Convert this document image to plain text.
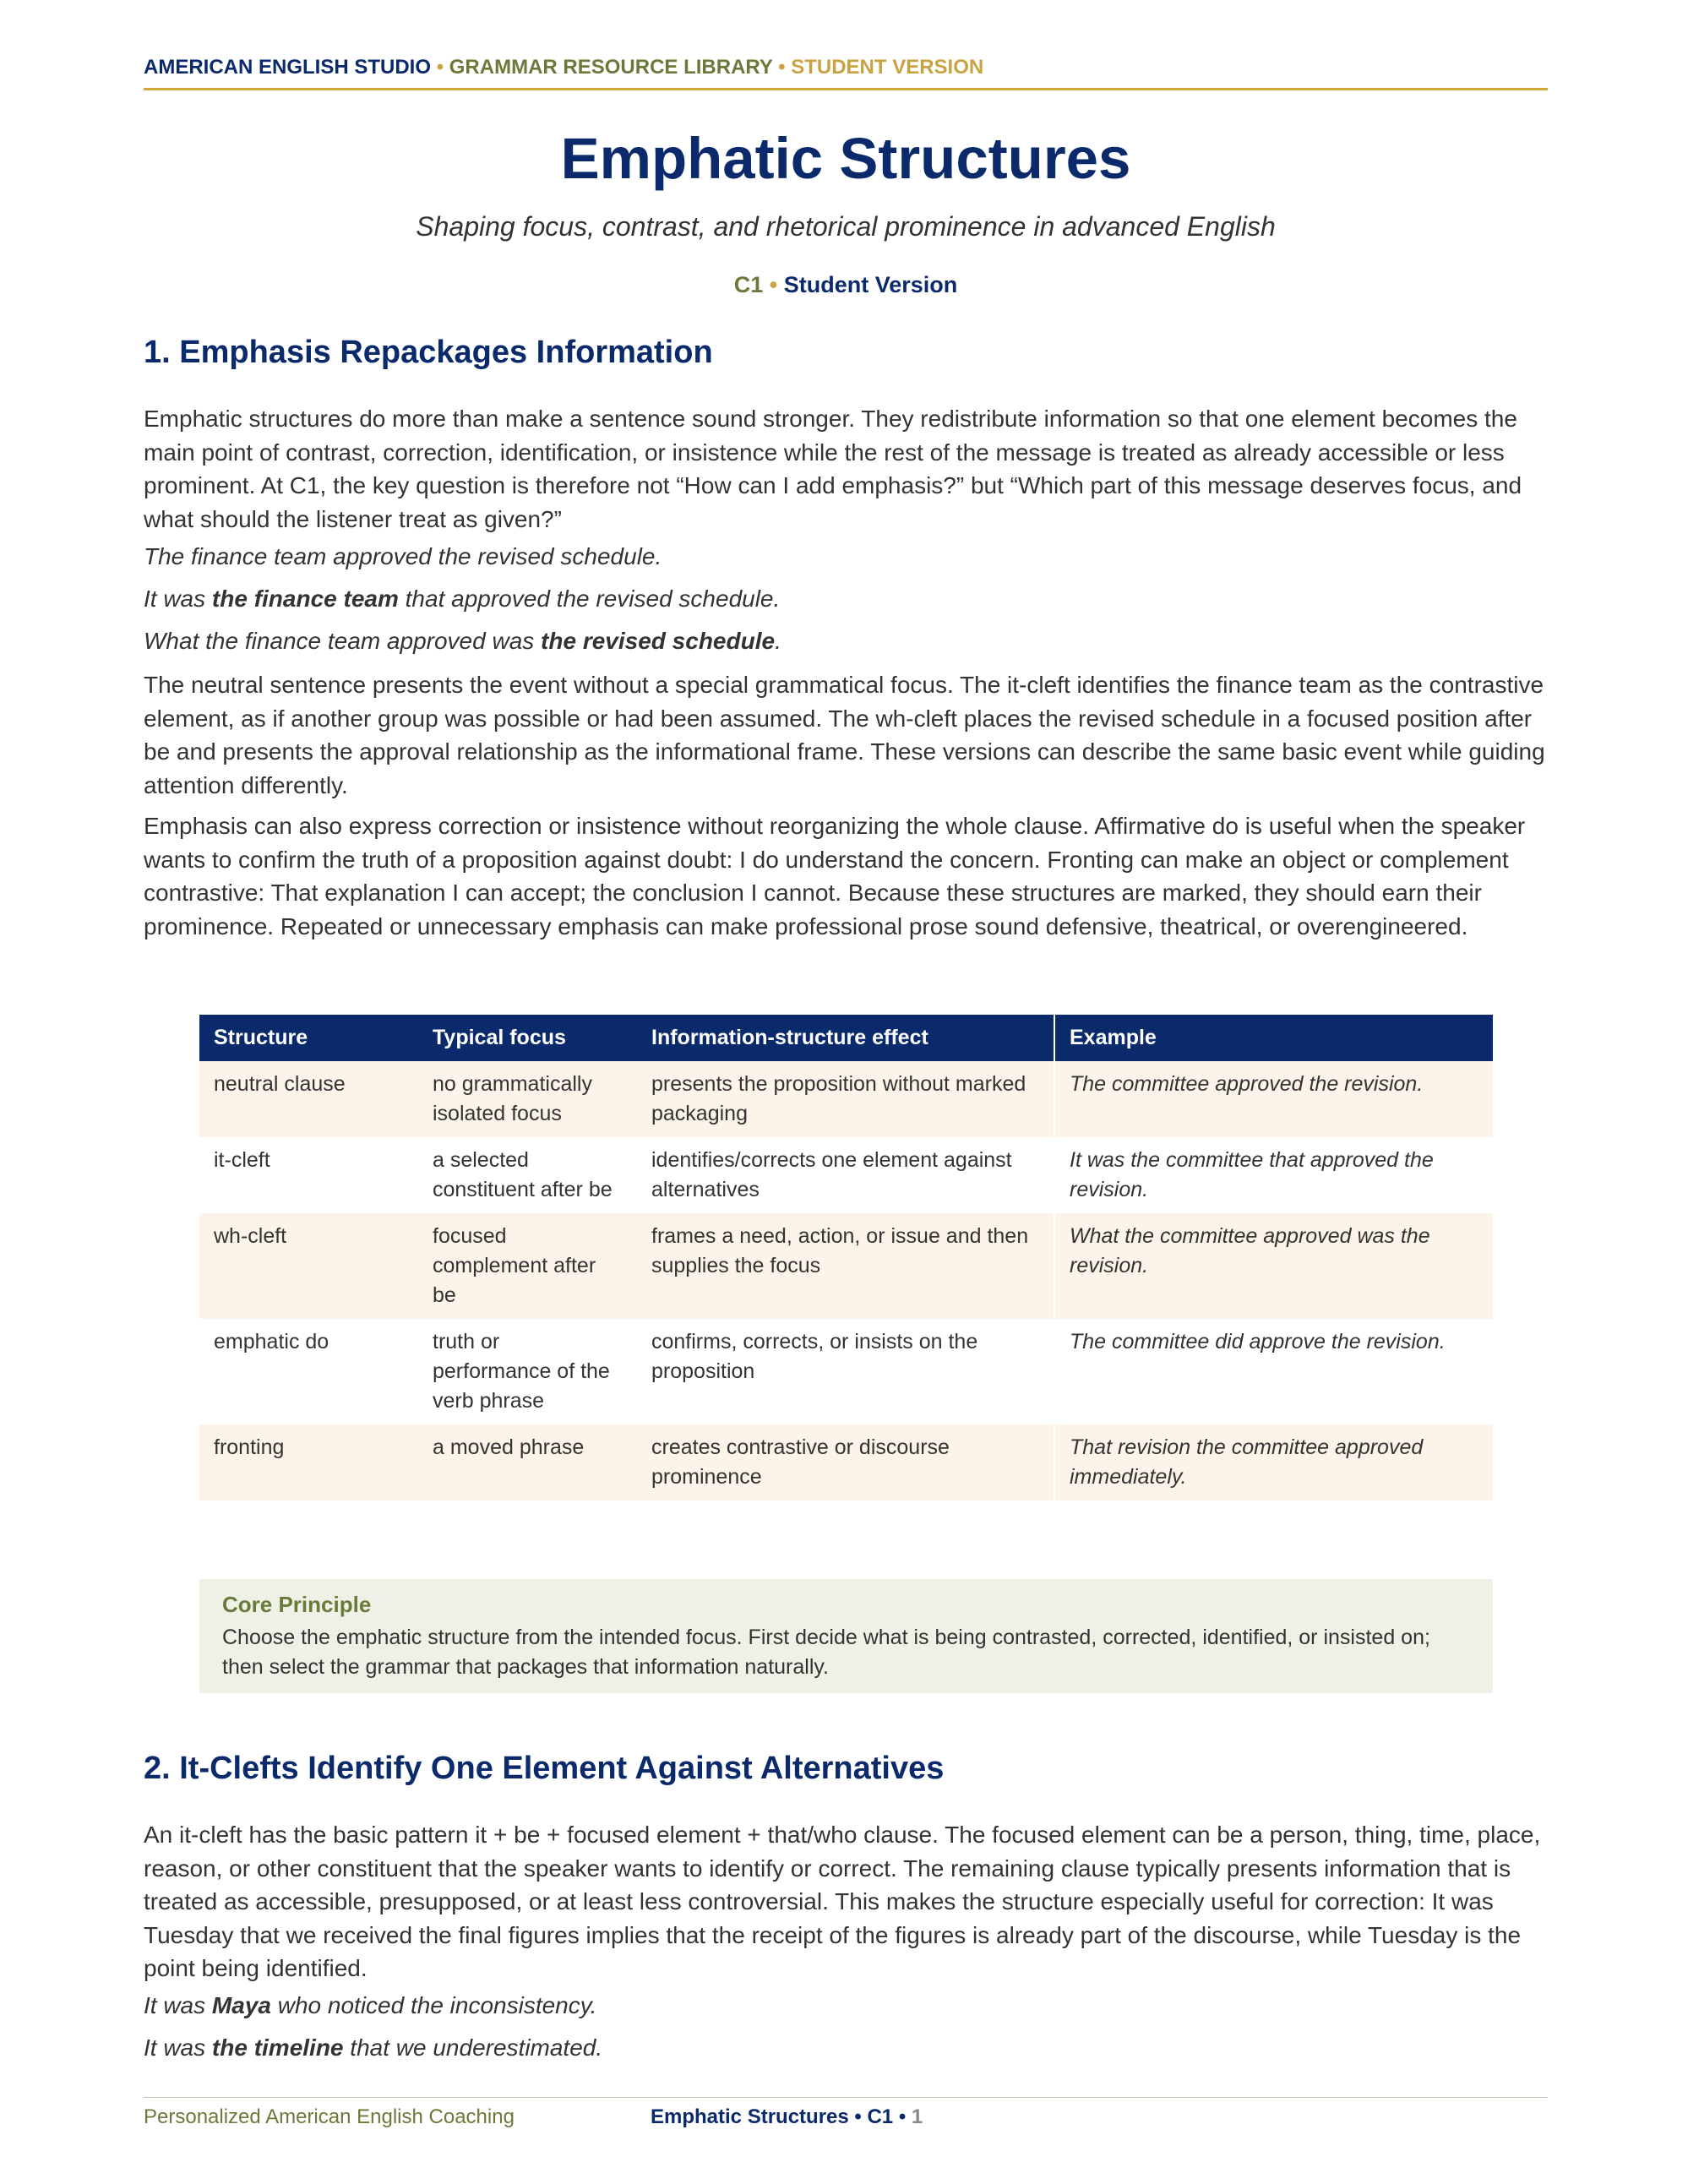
AMERICAN ENGLISH STUDIO • GRAMMAR RESOURCE LIBRARY • STUDENT VERSION
Emphatic Structures
Shaping focus, contrast, and rhetorical prominence in advanced English
C1 • Student Version
1. Emphasis Repackages Information

Emphatic structures do more than make a sentence sound stronger. They redistribute information so that one element becomes the main point of contrast, correction, identification, or insistence while the rest of the message is treated as already accessible or less prominent. At C1, the key question is therefore not “How can I add emphasis?” but “Which part of this message deserves focus, and what should the listener treat as given?”

The finance team approved the revised schedule.

It was the finance team that approved the revised schedule.

What the finance team approved was the revised schedule.

The neutral sentence presents the event without a special grammatical focus. The it-cleft identifies the finance team as the contrastive element, as if another group was possible or had been assumed. The wh-cleft places the revised schedule in a focused position after be and presents the approval relationship as the informational frame. These versions can describe the same basic event while guiding attention differently.

Emphasis can also express correction or insistence without reorganizing the whole clause. Affirmative do is useful when the speaker wants to confirm the truth of a proposition against doubt: I do understand the concern. Fronting can make an object or complement contrastive: That explanation I can accept; the conclusion I cannot. Because these structures are marked, they should earn their prominence. Repeated or unnecessary emphasis can make professional prose sound defensive, theatrical, or overengineered.

Structure	Typical focus	Information-structure effect	Example
neutral clause	no grammatically isolated focus	presents the proposition without marked packaging	The committee approved the revision.
it-cleft	a selected constituent after be	identifies/corrects one element against alternatives	It was the committee that approved the revision.
wh-cleft	focused complement after be	frames a need, action, or issue and then supplies the focus	What the committee approved was the revision.
emphatic do	truth or performance of the verb phrase	confirms, corrects, or insists on the proposition	The committee did approve the revision.
fronting	a moved phrase	creates contrastive or discourse prominence	That revision the committee approved immediately.
Core Principle

Choose the emphatic structure from the intended focus. First decide what is being contrasted, corrected, identified, or insisted on; then select the grammar that packages that information naturally.

2. It-Clefts Identify One Element Against Alternatives

An it-cleft has the basic pattern it + be + focused element + that/who clause. The focused element can be a person, thing, time, place, reason, or other constituent that the speaker wants to identify or correct. The remaining clause typically presents information that is treated as accessible, presupposed, or at least less controversial. This makes the structure especially useful for correction: It was Tuesday that we received the final figures implies that the receipt of the figures is already part of the discourse, while Tuesday is the point being identified.

It was Maya who noticed the inconsistency.

It was the timeline that we underestimated.

Personalized American English Coaching	Emphatic Structures • C1 • 1
